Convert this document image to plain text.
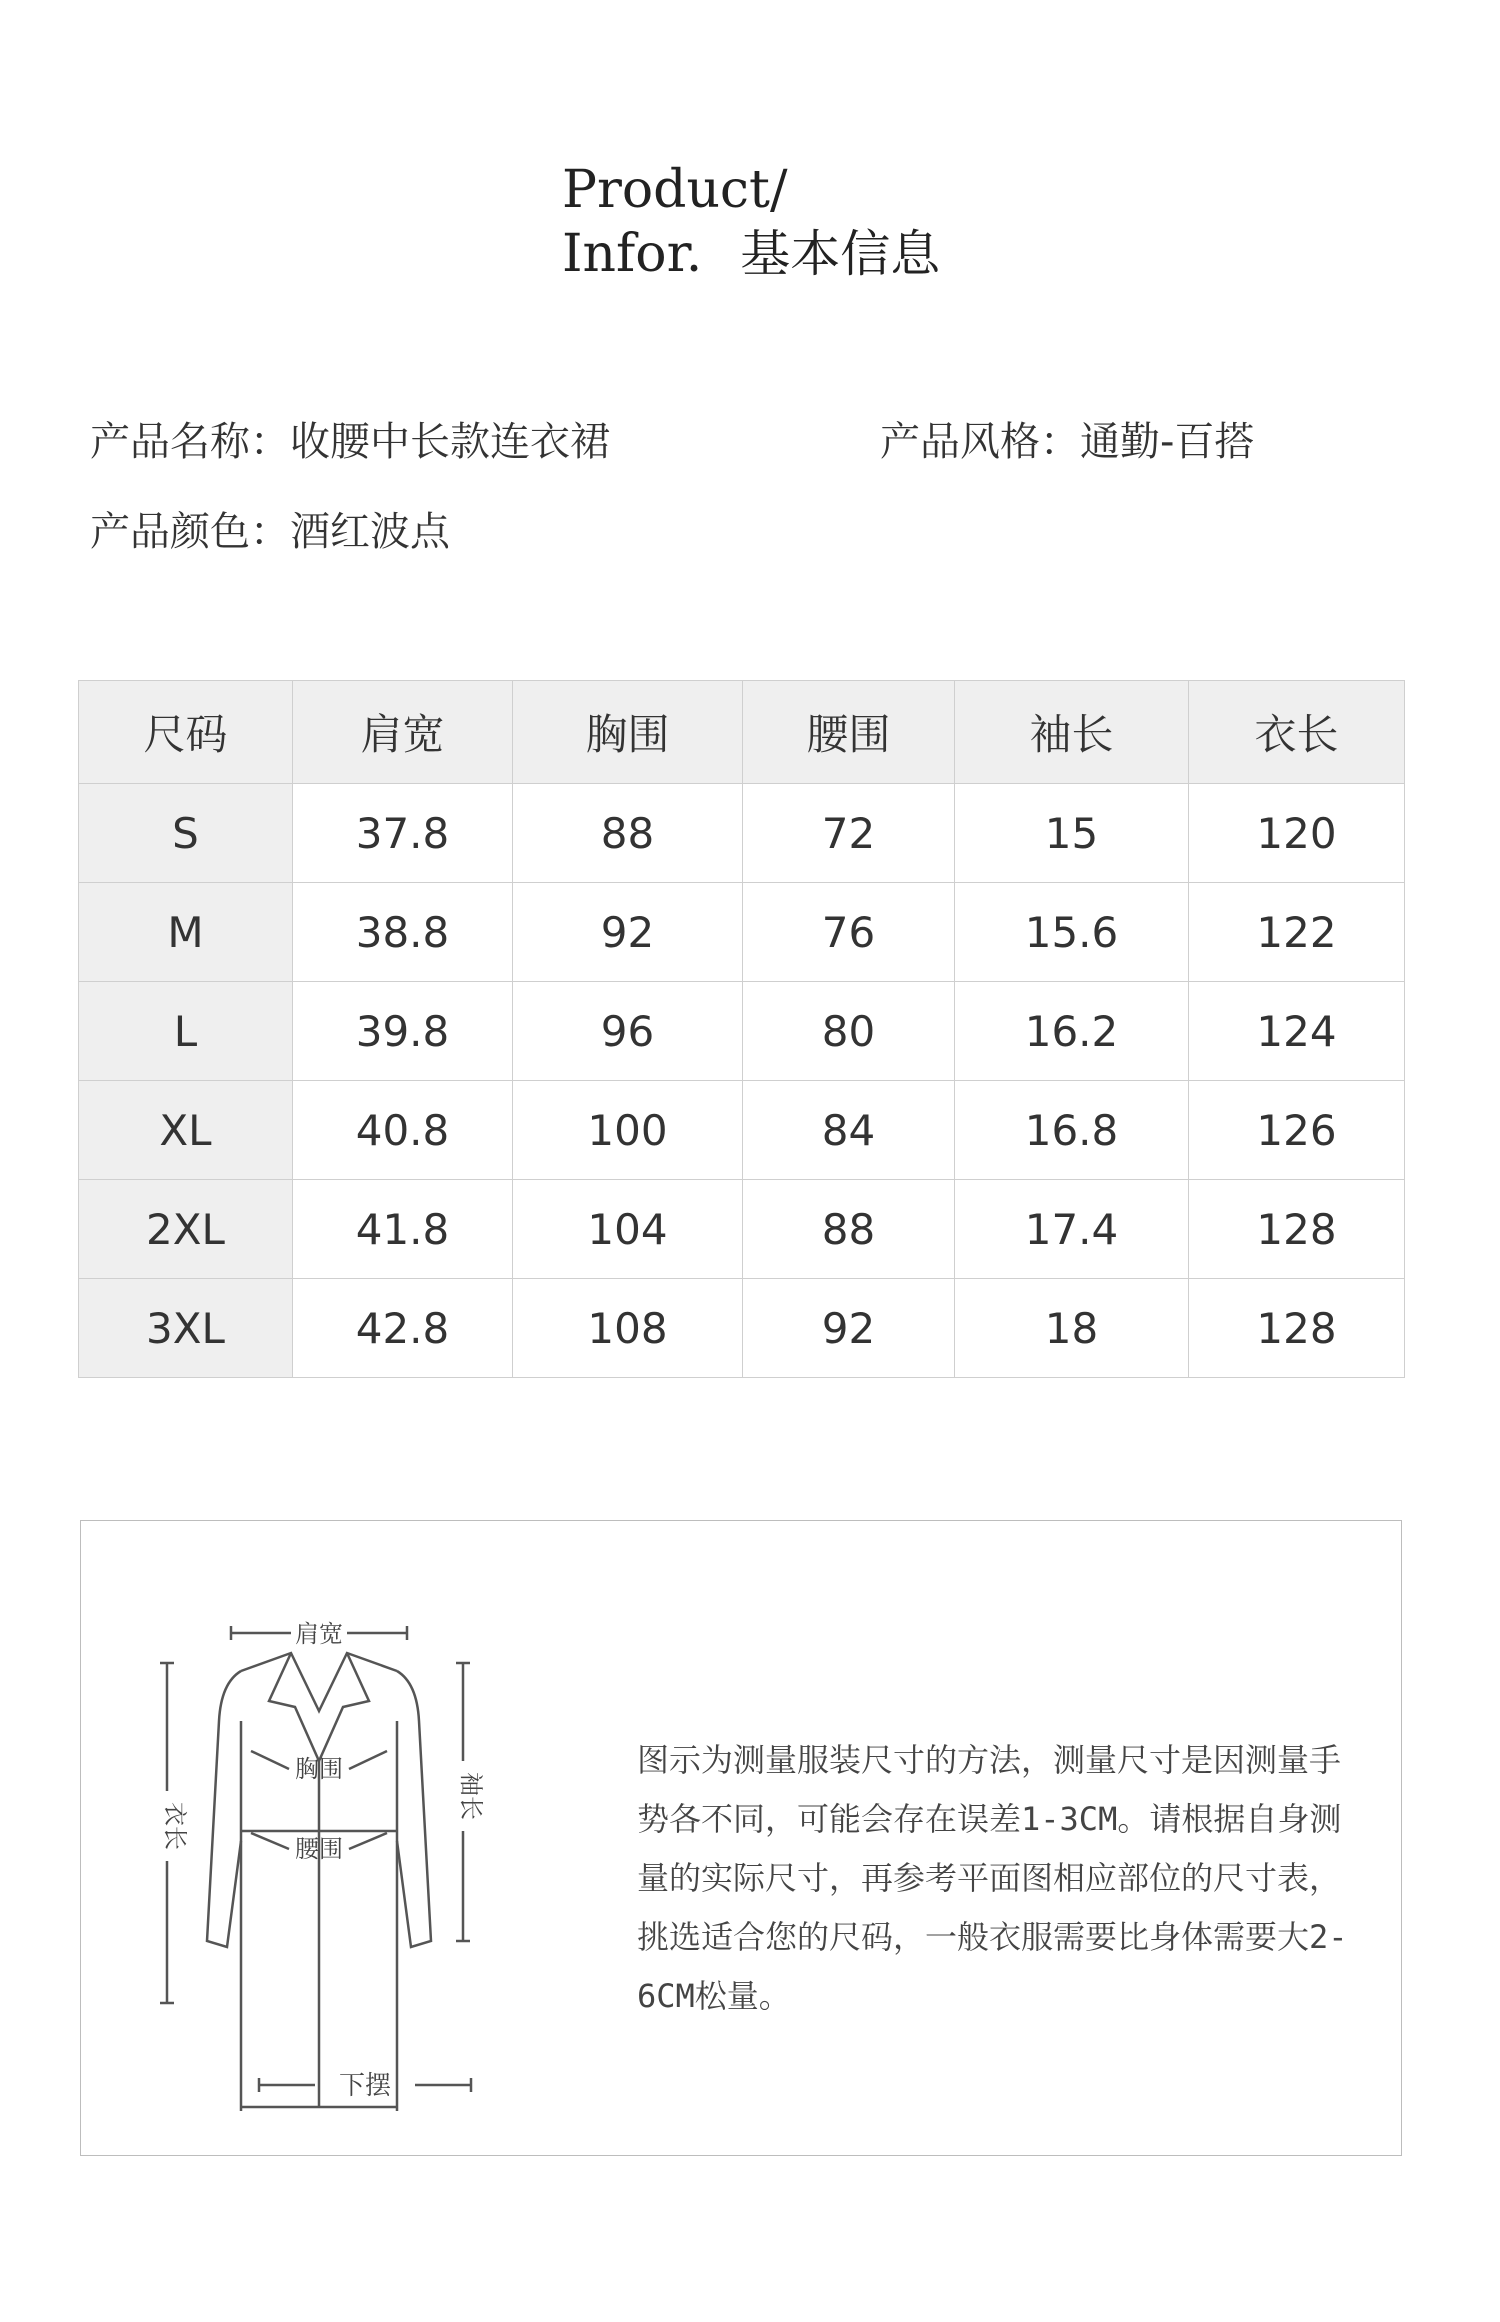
Product/
Infor. 基本信息
产品名称：收腰中长款连衣裙	产品风格：通勤-百搭
产品颜色：酒红波点
尺码	肩宽	胸围	腰围	袖长	衣长
S	37.8	88	72	15	120
M	38.8	92	76	15.6	122
L	39.8	96	80	16.2	124
XL	40.8	100	84	16.8	126
2XL	41.8	104	88	17.4	128
3XL	42.8	108	92	18	128
肩宽
胸围
腰围
衣长
袖长
下摆
图示为测量服装尺寸的方法，测量尺寸是因测量手势各不同，可能会存在误差1-3CM。请根据自身测量的实际尺寸，再参考平面图相应部位的尺寸表，挑选适合您的尺码，一般衣服需要比身体需要大2-6CM松量。
